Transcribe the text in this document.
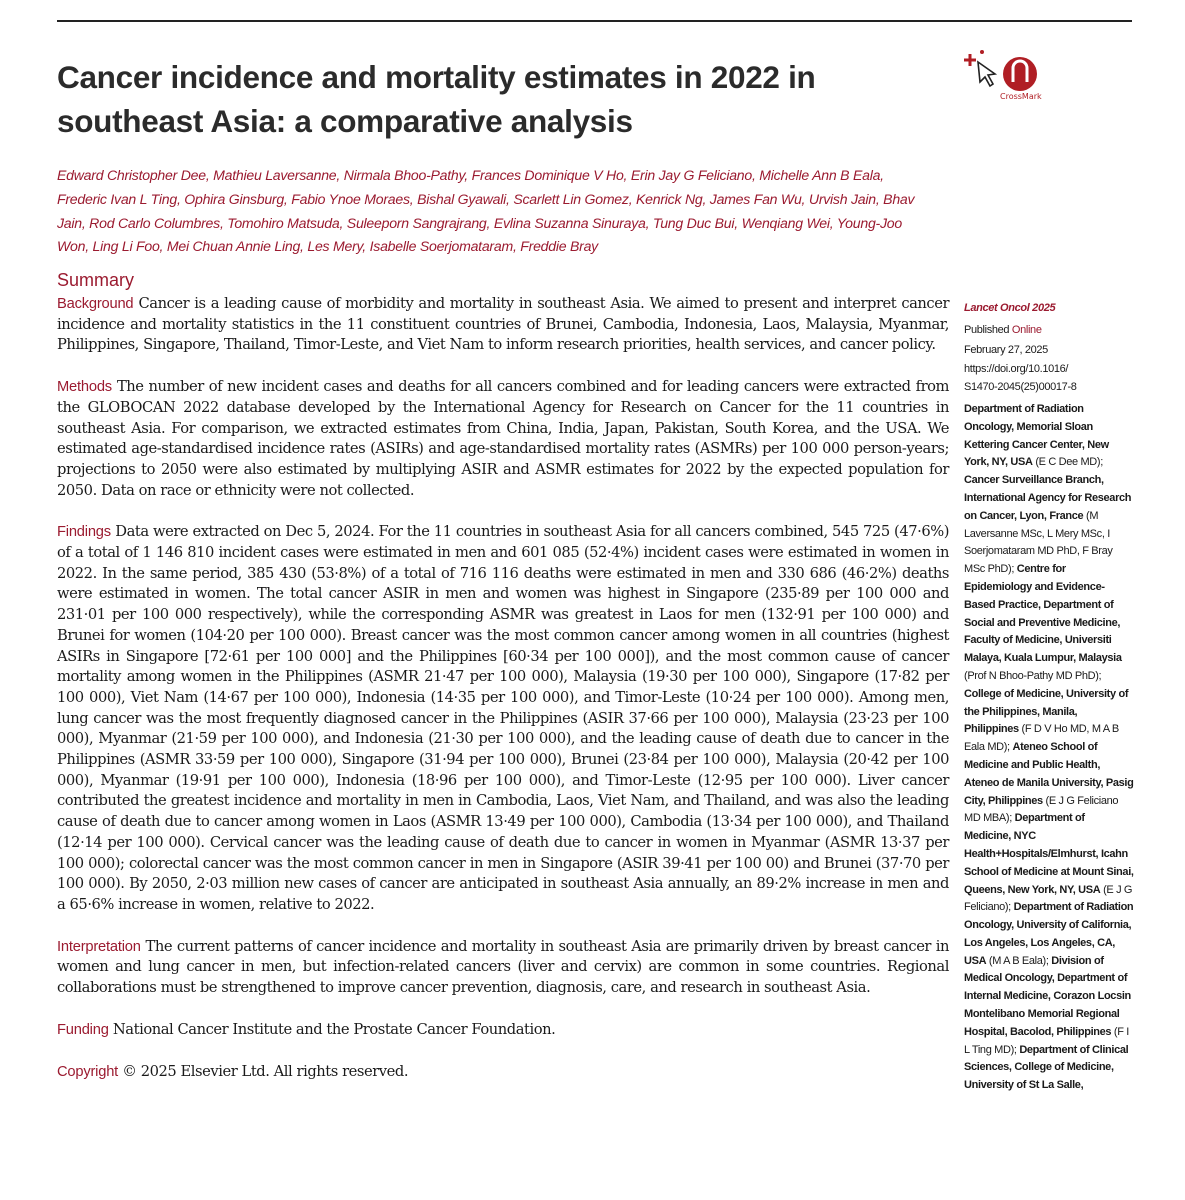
Cancer incidence and mortality estimates in 2022 in southeast Asia: a comparative analysis
CrossMark
Edward Christopher Dee, Mathieu Laversanne, Nirmala Bhoo-Pathy, Frances Dominique V Ho, Erin Jay G Feliciano, Michelle Ann B Eala, Frederic Ivan L Ting, Ophira Ginsburg, Fabio Ynoe Moraes, Bishal Gyawali, Scarlett Lin Gomez, Kenrick Ng, James Fan Wu, Urvish Jain, Bhav Jain, Rod Carlo Columbres, Tomohiro Matsuda, Suleeporn Sangrajrang, Evlina Suzanna Sinuraya, Tung Duc Bui, Wenqiang Wei, Young-Joo Won, Ling Li Foo, Mei Chuan Annie Ling, Les Mery, Isabelle Soerjomataram, Freddie Bray
Summary

Background Cancer is a leading cause of morbidity and mortality in southeast Asia. We aimed to present and interpret cancer incidence and mortality statistics in the 11 constituent countries of Brunei, Cambodia, Indonesia, Laos, Malaysia, Myanmar, Philippines, Singapore, Thailand, Timor-Leste, and Viet Nam to inform research priorities, health services, and cancer policy.

Methods The number of new incident cases and deaths for all cancers combined and for leading cancers were extracted from the GLOBOCAN 2022 database developed by the International Agency for Research on Cancer for the 11 countries in southeast Asia. For comparison, we extracted estimates from China, India, Japan, Pakistan, South Korea, and the USA. We estimated age-standardised incidence rates (ASIRs) and age-standardised mortality rates (ASMRs) per 100 000 person-years; projections to 2050 were also estimated by multiplying ASIR and ASMR estimates for 2022 by the expected population for 2050. Data on race or ethnicity were not collected.

Findings Data were extracted on Dec 5, 2024. For the 11 countries in southeast Asia for all cancers combined, 545 725 (47·6%) of a total of 1 146 810 incident cases were estimated in men and 601 085 (52·4%) incident cases were estimated in women in 2022. In the same period, 385 430 (53·8%) of a total of 716 116 deaths were estimated in men and 330 686 (46·2%) deaths were estimated in women. The total cancer ASIR in men and women was highest in Singapore (235·89 per 100 000 and 231·01 per 100 000 respectively), while the corresponding ASMR was greatest in Laos for men (132·91 per 100 000) and Brunei for women (104·20 per 100 000). Breast cancer was the most common cancer among women in all countries (highest ASIRs in Singapore [72·61 per 100 000] and the Philippines [60·34 per 100 000]), and the most common cause of cancer mortality among women in the Philippines (ASMR 21·47 per 100 000), Malaysia (19·30 per 100 000), Singapore (17·82 per 100 000), Viet Nam (14·67 per 100 000), Indonesia (14·35 per 100 000), and Timor-Leste (10·24 per 100 000). Among men, lung cancer was the most frequently diagnosed cancer in the Philippines (ASIR 37·66 per 100 000), Malaysia (23·23 per 100 000), Myanmar (21·59 per 100 000), and Indonesia (21·30 per 100 000), and the leading cause of death due to cancer in the Philippines (ASMR 33·59 per 100 000), Singapore (31·94 per 100 000), Brunei (23·84 per 100 000), Malaysia (20·42 per 100 000), Myanmar (19·91 per 100 000), Indonesia (18·96 per 100 000), and Timor-Leste (12·95 per 100 000). Liver cancer contributed the greatest incidence and mortality in men in Cambodia, Laos, Viet Nam, and Thailand, and was also the leading cause of death due to cancer among women in Laos (ASMR 13·49 per 100 000), Cambodia (13·34 per 100 000), and Thailand (12·14 per 100 000). Cervical cancer was the leading cause of death due to cancer in women in Myanmar (ASMR 13·37 per 100 000); colorectal cancer was the most common cancer in men in Singapore (ASIR 39·41 per 100 00) and Brunei (37·70 per 100 000). By 2050, 2·03 million new cases of cancer are anticipated in southeast Asia annually, an 89·2% increase in men and a 65·6% increase in women, relative to 2022.

Interpretation The current patterns of cancer incidence and mortality in southeast Asia are primarily driven by breast cancer in women and lung cancer in men, but infection-related cancers (liver and cervix) are common in some countries. Regional collaborations must be strengthened to improve cancer prevention, diagnosis, care, and research in southeast Asia.

Funding National Cancer Institute and the Prostate Cancer Foundation.

Copyright © 2025 Elsevier Ltd. All rights reserved.

Lancet Oncol 2025
Published Online
February 27, 2025
https://doi.org/10.1016/
S1470-2045(25)00017-8
Department of Radiation Oncology, Memorial Sloan Kettering Cancer Center, New York, NY, USA (E C Dee MD); Cancer Surveillance Branch, International Agency for Research on Cancer, Lyon, France (M Laversanne MSc, L Mery MSc, I Soerjomataram MD PhD, F Bray MSc PhD); Centre for Epidemiology and Evidence-Based Practice, Department of Social and Preventive Medicine, Faculty of Medicine, Universiti Malaya, Kuala Lumpur, Malaysia (Prof N Bhoo-Pathy MD PhD); College of Medicine, University of the Philippines, Manila, Philippines (F D V Ho MD, M A B Eala MD); Ateneo School of Medicine and Public Health, Ateneo de Manila University, Pasig City, Philippines (E J G Feliciano MD MBA); Department of Medicine, NYC Health+Hospitals/Elmhurst, Icahn School of Medicine at Mount Sinai, Queens, New York, NY, USA (E J G Feliciano); Department of Radiation Oncology, University of California, Los Angeles, Los Angeles, CA, USA (M A B Eala); Division of Medical Oncology, Department of Internal Medicine, Corazon Locsin Montelibano Memorial Regional Hospital, Bacolod, Philippines (F I L Ting MD); Department of Clinical Sciences, College of Medicine, University of St La Salle,
